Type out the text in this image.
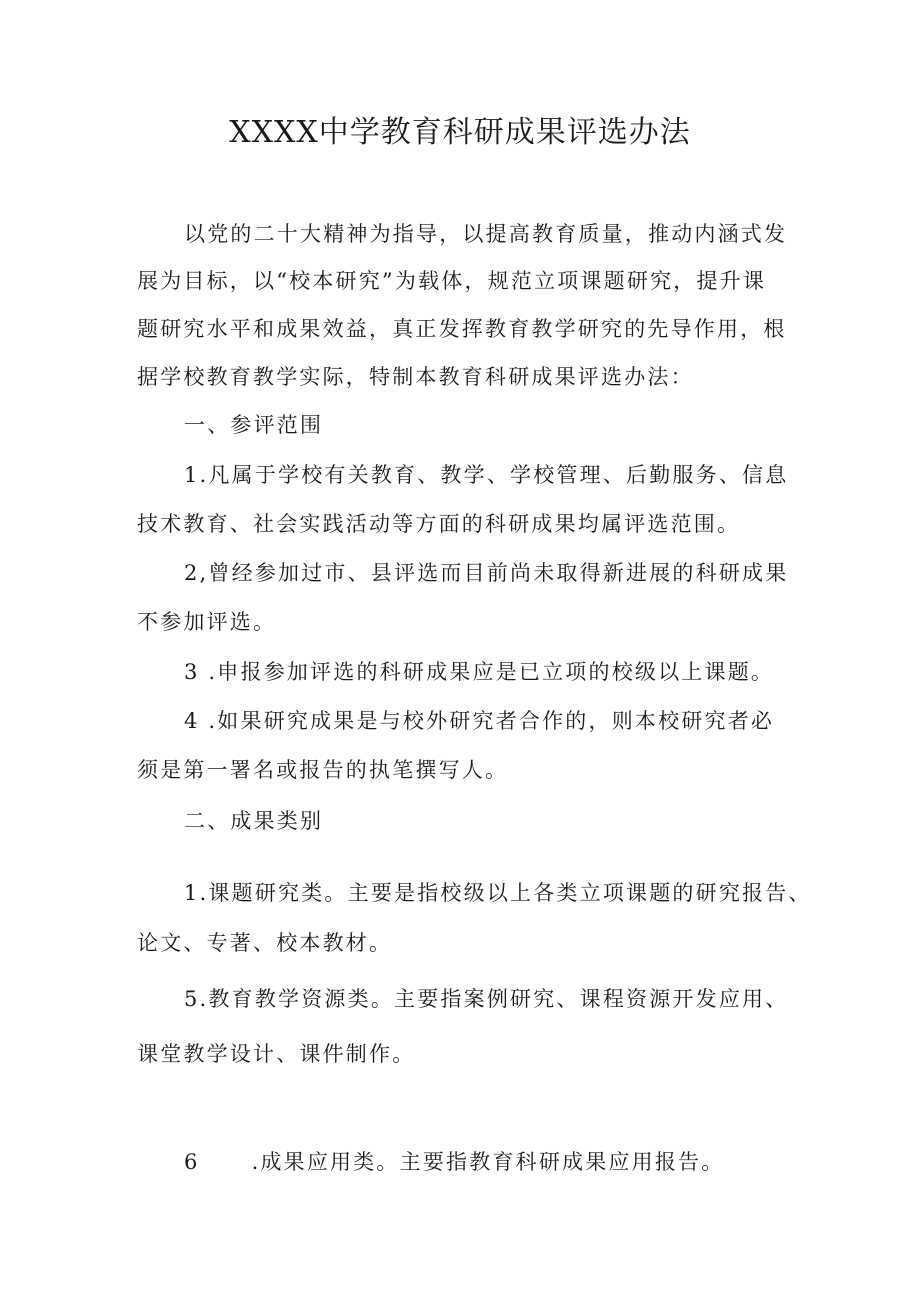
XXXX中学教育科研成果评选办法
以党的二十大精神为指导，以提高教育质量，推动内涵式发
展为目标，以“校本研究”为载体，规范立项课题研究，提升课
题研究水平和成果效益，真正发挥教育教学研究的先导作用，根
据学校教育教学实际，特制本教育科研成果评选办法：
一、参评范围
1.凡属于学校有关教育、教学、学校管理、后勤服务、信息
技术教育、社会实践活动等方面的科研成果均属评选范围。
2,曾经参加过市、县评选而目前尚未取得新进展的科研成果
不参加评选。
3 .申报参加评选的科研成果应是已立项的校级以上课题。
4 .如果研究成果是与校外研究者合作的，则本校研究者必
须是第一署名或报告的执笔撰写人。
二、成果类别
1.课题研究类。主要是指校级以上各类立项课题的研究报告、
论文、专著、校本教材。
5.教育教学资源类。主要指案例研究、课程资源开发应用、
课堂教学设计、课件制作。
6 .成果应用类。主要指教育科研成果应用报告。
